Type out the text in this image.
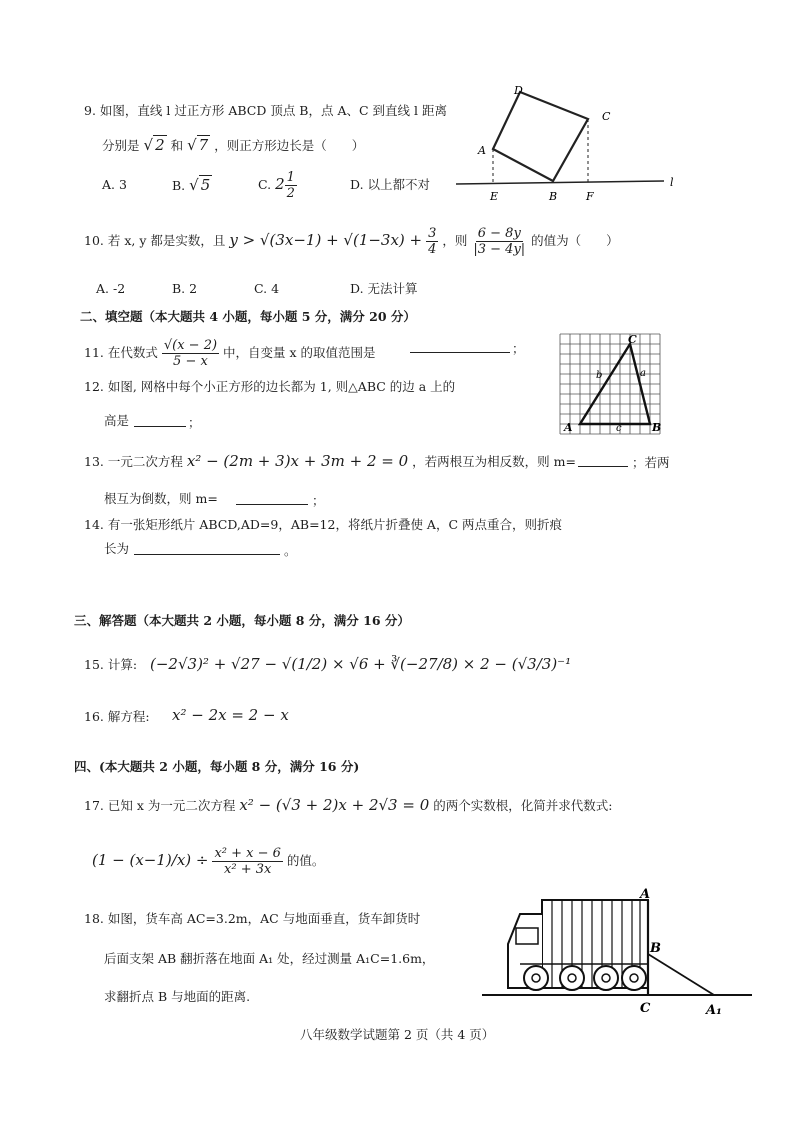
9. 如图，直线 l 过正方形 ABCD 顶点 B，点 A、C 到直线 l 距离
分别是 √ 2 和 √ 7 ，则正方形边长是（　　）
A. 3	B. √ 5	C. $2 \frac{1}{2}$	D. 以上都不对
A
D
C
B
E	F
l
10. 若 x, y 都是实数，且 $y > √(3x-1) + √(1-3x) + \frac{3}{4}$ ，则 $\frac{6 - 8y}{|3 - 4y|}$ 的值为（　　）
A. -2	B. 2	C. 4	D. 无法计算
二、填空题（本大题共 4 小题，每小题 5 分，满分 20 分）
11. 在代数式 $\frac{√(x - 2)}{5 - x}$ 中，自变量 x 的取值范围是	；
A	B
C
a
b
c
12. 如图, 网格中每个小正方形的边长都为 1, 则△ABC 的边 a 上的
高是	；
13. 一元二次方程 x² − (2m + 3)x + 3m + 2 = 0 ，若两根互为相反数，则 m=	；若两
根互为倒数，则 m=	；
14. 有一张矩形纸片 ABCD,AD=9，AB=12，将纸片折叠使 A，C 两点重合，则折痕
长为	。
三、解答题（本大题共 2 小题，每小题 8 分，满分 16 分）
15. 计算: (−2√3)² + √27 − √(1/2) × √6 + ∛(−27/8) × 2 − (√3/3)⁻¹
16. 解方程: x² − 2x = 2 − x
四、(本大题共 2 小题，每小题 8 分，满分 16 分)
17. 已知 x 为一元二次方程 x² − (√3 + 2)x + 2√3 = 0 的两个实数根，化简并求代数式:
$(1 - (x-1)/x) \div \frac{\text{x² + x − 6}}{\text{x² + 3x}}$ 的值。
18. 如图，货车高 AC=3.2m，AC 与地面垂直，货车卸货时
后面支架 AB 翻折落在地面 A₁ 处，经过测量 A₁C=1.6m，
求翻折点 B 与地面的距离.
A
B
C	A₁
八年级数学试题第 2 页（共 4 页）
